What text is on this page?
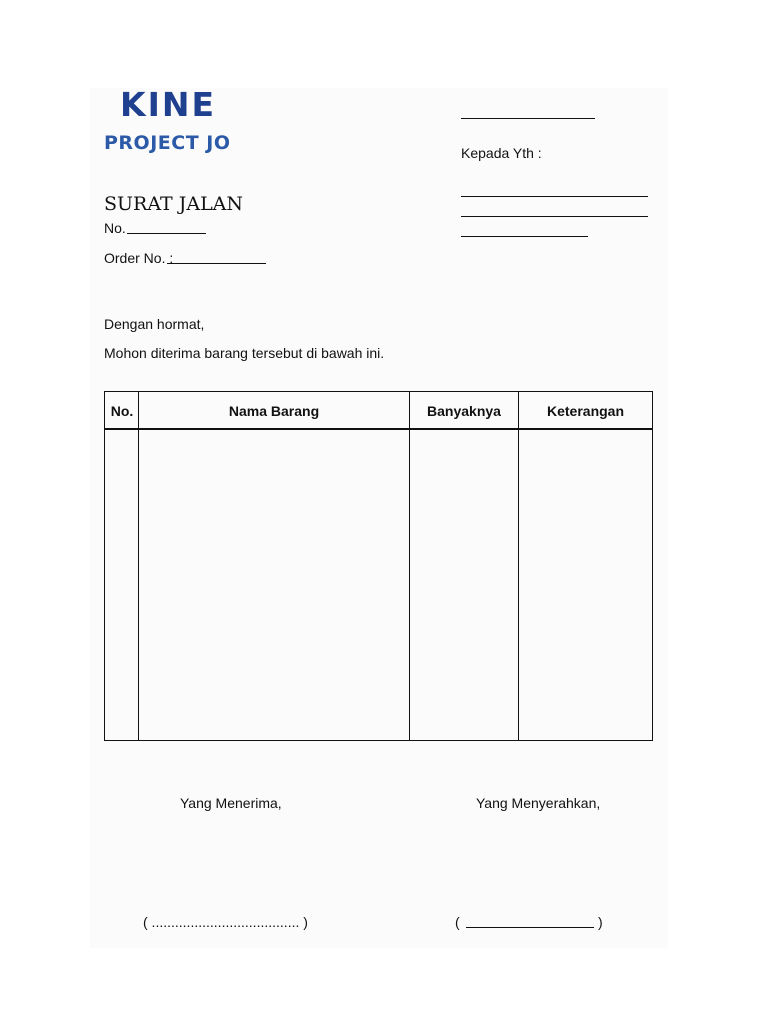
KINE
PROJECT JO	Kepada Yth :
SURAT JALAN
No.
Order No. :
Dengan hormat,
Mohon diterima barang tersebut di bawah ini.
No.	Nama Barang	Banyaknya	Keterangan
Yang Menerima,	Yang Menyerahkan,
( ...................................... )	(	)
